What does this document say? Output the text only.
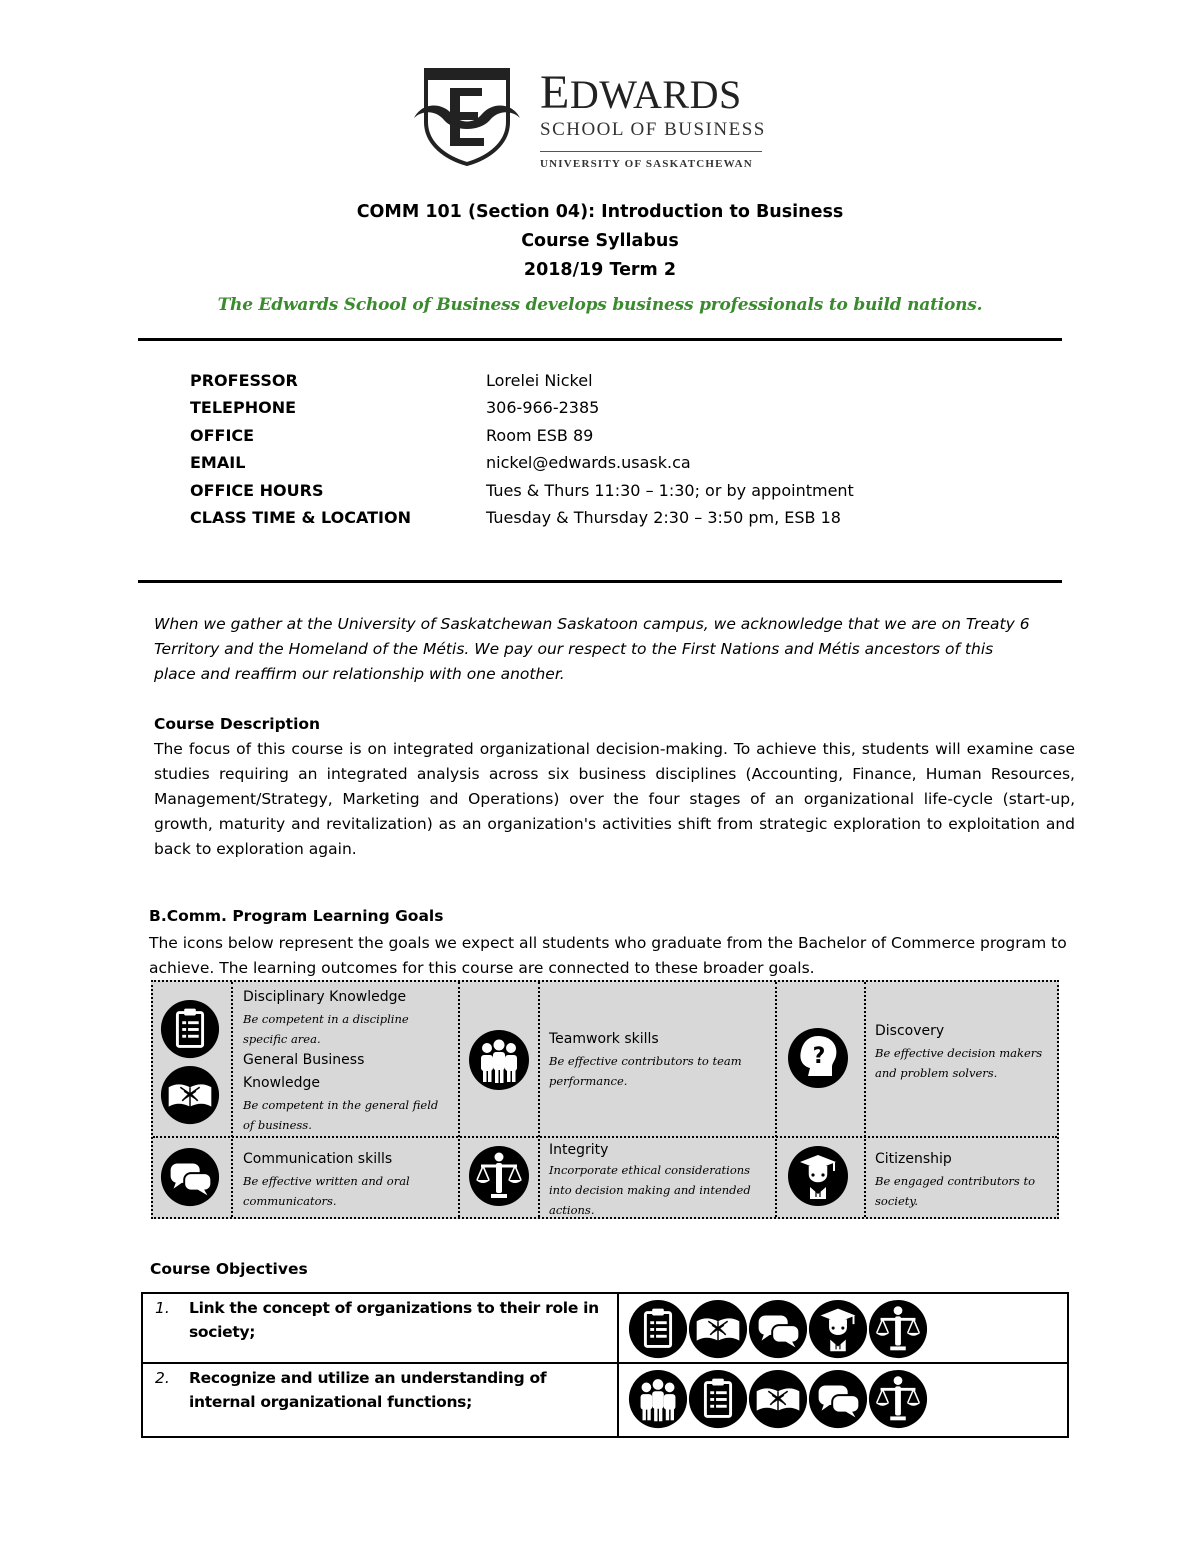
EDWARDS
SCHOOL OF BUSINESS
UNIVERSITY OF SASKATCHEWAN
COMM 101 (Section 04): Introduction to Business
Course Syllabus
2018/19 Term 2
The Edwards School of Business develops business professionals to build nations.
PROFESSOR	Lorelei Nickel
TELEPHONE	306-966-2385
OFFICE	Room ESB 89
EMAIL	nickel@edwards.usask.ca
OFFICE HOURS	Tues & Thurs 11:30 – 1:30; or by appointment
CLASS TIME & LOCATION	Tuesday & Thursday 2:30 – 3:50 pm, ESB 18
When we gather at the University of Saskatchewan Saskatoon campus, we acknowledge that we are on Treaty 6 Territory and the Homeland of the Métis. We pay our respect to the First Nations and Métis ancestors of this place and reaffirm our relationship with one another.
Course Description
The focus of this course is on integrated organizational decision-making. To achieve this, students will examine case studies requiring an integrated analysis across six business disciplines (Accounting, Finance, Human Resources, Management/Strategy, Marketing and Operations) over the four stages of an organizational life-cycle (start-up, growth, maturity and revitalization) as an organization's activities shift from strategic exploration to exploitation and back to exploration again.
B.Comm. Program Learning Goals
The icons below represent the goals we expect all students who graduate from the Bachelor of Commerce program to achieve. The learning outcomes for this course are connected to these broader goals.
Disciplinary Knowledge
Be competent in a discipline specific area.
General Business Knowledge
Be competent in the general field of business.
Teamwork skills
Be effective contributors to team performance.
Discovery
Be effective decision makers and problem solvers.
Communication skills
Be effective written and oral communicators.
Integrity
Incorporate ethical considerations into decision making and intended actions.
Citizenship
Be engaged contributors to society.
Course Objectives
1. Link the concept of organizations to their role in society;
2. Recognize and utilize an understanding of internal organizational functions;
